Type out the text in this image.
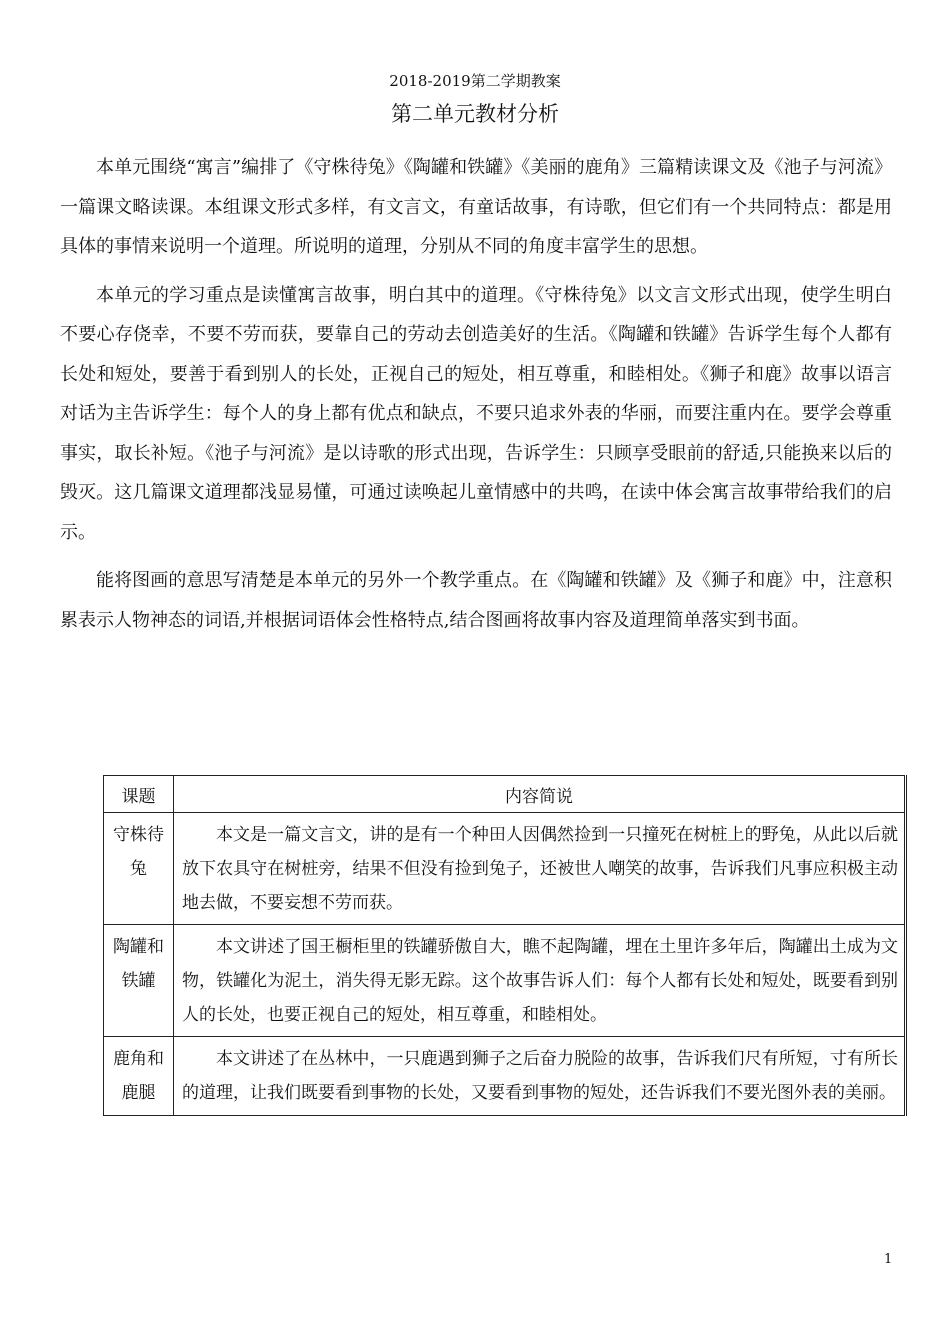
2018-2019第二学期教案
第二单元教材分析

本单元围绕“寓言”编排了《守株待兔》《陶罐和铁罐》《美丽的鹿角》三篇精读课文及《池子与河流》一篇课文略读课。本组课文形式多样，有文言文，有童话故事，有诗歌，但它们有一个共同特点：都是用具体的事情来说明一个道理。所说明的道理，分别从不同的角度丰富学生的思想。

本单元的学习重点是读懂寓言故事，明白其中的道理。《守株待兔》以文言文形式出现，使学生明白不要心存侥幸，不要不劳而获，要靠自己的劳动去创造美好的生活。《陶罐和铁罐》告诉学生每个人都有长处和短处，要善于看到别人的长处，正视自己的短处，相互尊重，和睦相处。《狮子和鹿》故事以语言对话为主告诉学生：每个人的身上都有优点和缺点，不要只追求外表的华丽，而要注重内在。要学会尊重事实，取长补短。《池子与河流》是以诗歌的形式出现，告诉学生：只顾享受眼前的舒适,只能换来以后的毁灭。这几篇课文道理都浅显易懂，可通过读唤起儿童情感中的共鸣，在读中体会寓言故事带给我们的启示。

能将图画的意思写清楚是本单元的另外一个教学重点。在《陶罐和铁罐》及《狮子和鹿》中，注意积累表示人物神态的词语,并根据词语体会性格特点,结合图画将故事内容及道理简单落实到书面。

课题	内容简说
守株待兔	本文是一篇文言文，讲的是有一个种田人因偶然捡到一只撞死在树桩上的野兔，从此以后就放下农具守在树桩旁，结果不但没有捡到兔子，还被世人嘲笑的故事，告诉我们凡事应积极主动地去做，不要妄想不劳而获。
陶罐和铁罐	本文讲述了国王橱柜里的铁罐骄傲自大，瞧不起陶罐，埋在土里许多年后，陶罐出土成为文物，铁罐化为泥土，消失得无影无踪。这个故事告诉人们：每个人都有长处和短处，既要看到别人的长处，也要正视自己的短处，相互尊重，和睦相处。
鹿角和鹿腿	本文讲述了在丛林中，一只鹿遇到狮子之后奋力脱险的故事，告诉我们尺有所短，寸有所长的道理，让我们既要看到事物的长处，又要看到事物的短处，还告诉我们不要光图外表的美丽。
1
